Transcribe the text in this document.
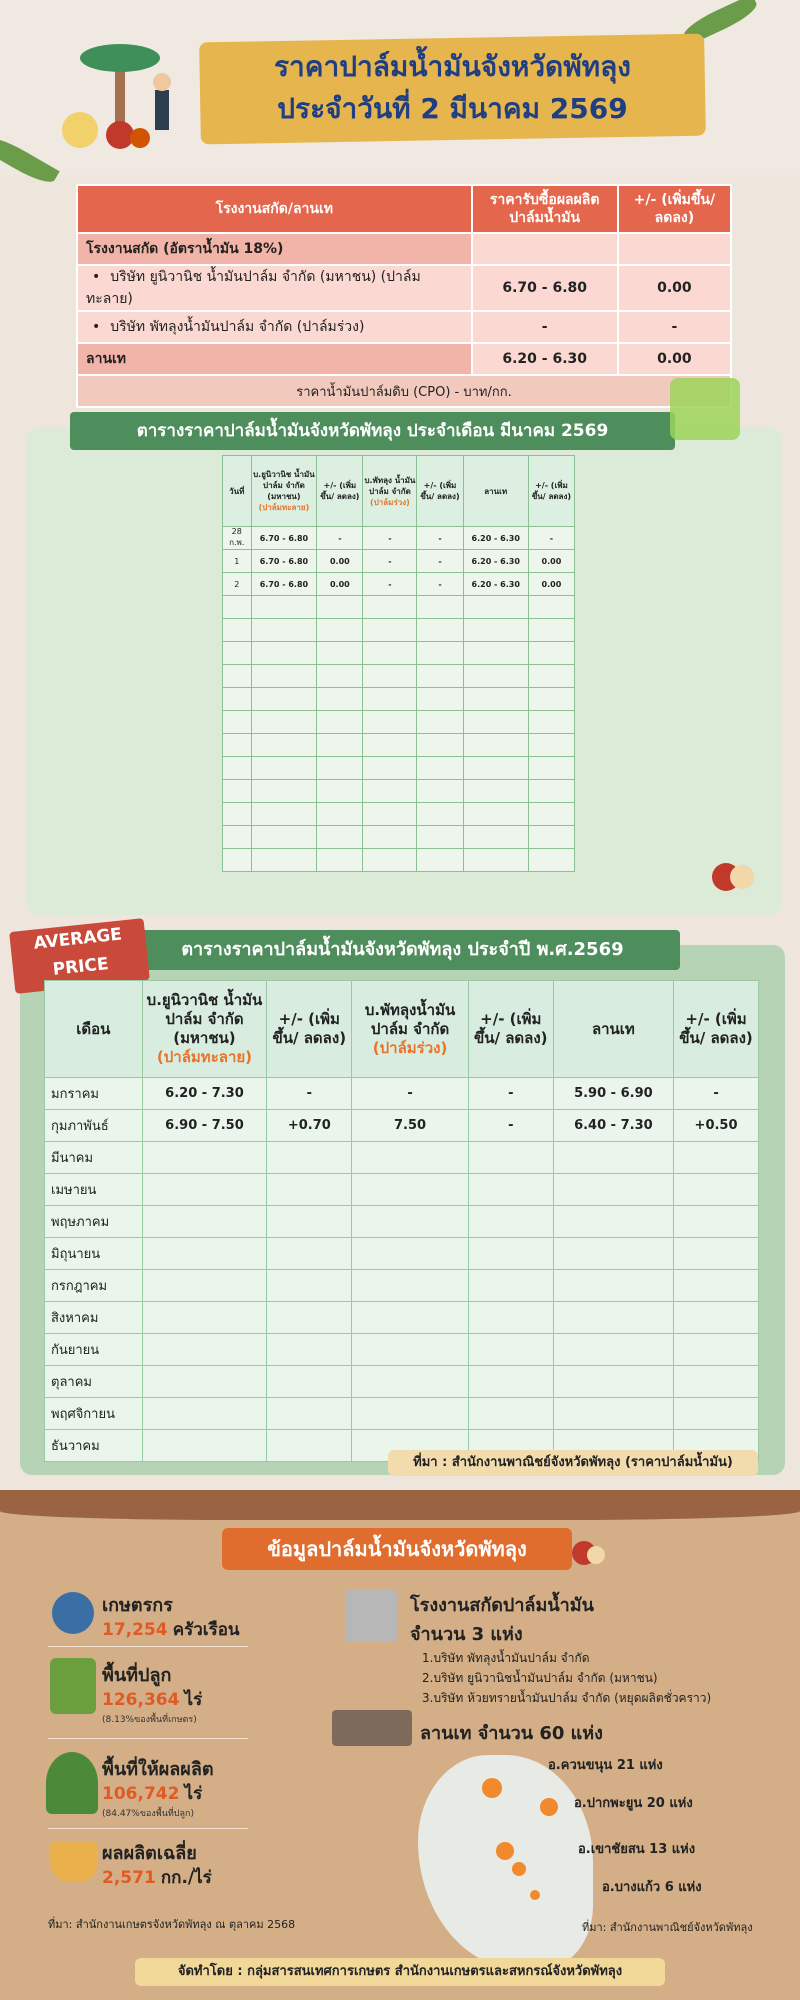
ราคาปาล์มน้ำมันจังหวัดพัทลุง
ประจำวันที่ 2 มีนาคม 2569
โรงงานสกัด/ลานเท	ราคารับซื้อผลผลิต ปาล์มน้ำมัน	+/- (เพิ่มขึ้น/ลดลง)
โรงงานสกัด (อัตราน้ำมัน 18%)		
• บริษัท ยูนิวานิช น้ำมันปาล์ม จำกัด (มหาชน) (ปาล์มทะลาย)	6.70 - 6.80	0.00
• บริษัท พัทลุงน้ำมันปาล์ม จำกัด (ปาล์มร่วง)	-	-
ลานเท	6.20 - 6.30	0.00
ราคาน้ำมันปาล์มดิบ (CPO) - บาท/กก.		
ตารางราคาปาล์มน้ำมันจังหวัดพัทลุง ประจำเดือน มีนาคม 2569
วันที่	บ.ยูนิวานิช น้ำมันปาล์ม จำกัด (มหาชน)
(ปาล์มทะลาย)	+/- (เพิ่มขึ้น/ ลดลง)	บ.พัทลุง น้ำมันปาล์ม จำกัด
(ปาล์มร่วง)	+/- (เพิ่มขึ้น/ ลดลง)	ลานเท	+/- (เพิ่มขึ้น/ ลดลง)
28 ก.พ.	6.70 - 6.80	-	-	-	6.20 - 6.30	-
1	6.70 - 6.80	0.00	-	-	6.20 - 6.30	0.00
2	6.70 - 6.80	0.00	-	-	6.20 - 6.30	0.00

ตารางราคาปาล์มน้ำมันจังหวัดพัทลุง ประจำปี พ.ศ.2569
AVERAGE
PRICE
เดือน	บ.ยูนิวานิช น้ำมันปาล์ม จำกัด (มหาชน)
(ปาล์มทะลาย)	+/- (เพิ่มขึ้น/ ลดลง)	บ.พัทลุงน้ำมันปาล์ม จำกัด
(ปาล์มร่วง)	+/- (เพิ่มขึ้น/ ลดลง)	ลานเท	+/- (เพิ่มขึ้น/ ลดลง)
มกราคม	6.20 - 7.30	-	-	-	5.90 - 6.90	-
กุมภาพันธ์	6.90 - 7.50	+0.70	7.50	-	6.40 - 7.30	+0.50
มีนาคม						
เมษายน						
พฤษภาคม						
มิถุนายน						
กรกฎาคม						
สิงหาคม						
กันยายน						
ตุลาคม						
พฤศจิกายน						
ธันวาคม						
ที่มา : สำนักงานพาณิชย์จังหวัดพัทลุง (ราคาปาล์มน้ำมัน)
ข้อมูลปาล์มน้ำมันจังหวัดพัทลุง
เกษตรกร
17,254 ครัวเรือน
พื้นที่ปลูก
126,364 ไร่
(8.13%ของพื้นที่เกษตร)
พื้นที่ให้ผลผลิต
106,742 ไร่
(84.47%ของพื้นที่ปลูก)
ผลผลิตเฉลี่ย
2,571 กก./ไร่
ที่มา: สำนักงานเกษตรจังหวัดพัทลุง ณ ตุลาคม 2568
โรงงานสกัดปาล์มน้ำมัน
จำนวน 3 แห่ง
1.บริษัท พัทลุงน้ำมันปาล์ม จำกัด
2.บริษัท ยูนิวานิชน้ำมันปาล์ม จำกัด (มหาชน)
3.บริษัท ห้วยทรายน้ำมันปาล์ม จำกัด (หยุดผลิตชั่วคราว)
ลานเท จำนวน 60 แห่ง
อ.ควนขนุน 21 แห่ง
อ.ปากพะยูน 20 แห่ง
อ.เขาชัยสน 13 แห่ง
อ.บางแก้ว 6 แห่ง
ที่มา: สำนักงานพาณิชย์จังหวัดพัทลุง
จัดทำโดย : กลุ่มสารสนเทศการเกษตร สำนักงานเกษตรและสหกรณ์จังหวัดพัทลุง
